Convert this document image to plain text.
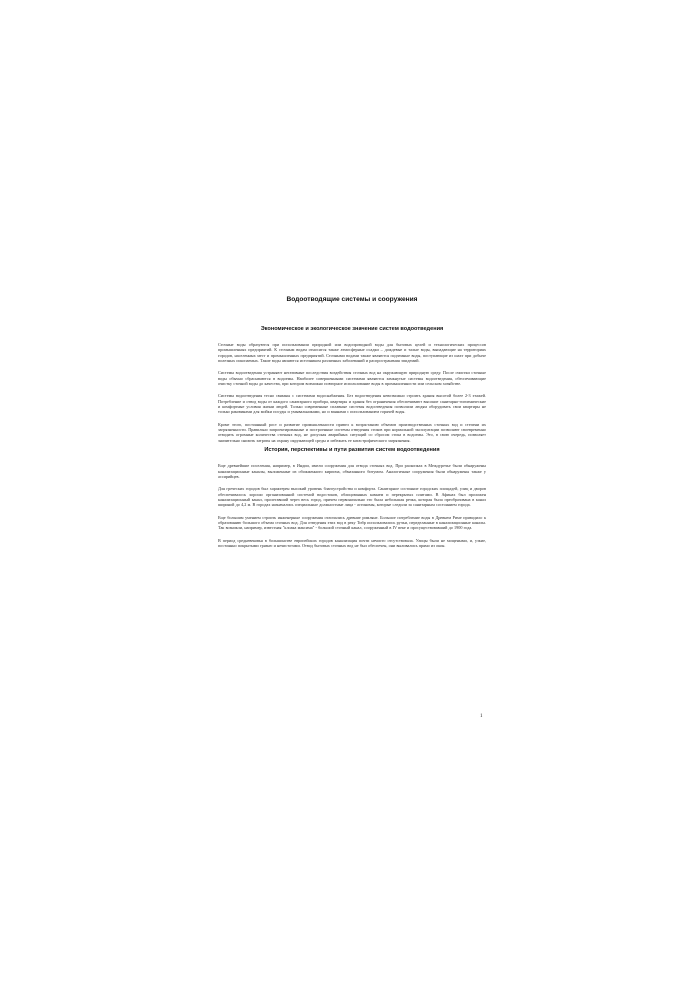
Водоотводящие системы и сооружения
Экономическое и экологическое значение систем водоотведения

Сточные воды образуются при использовании природной или водопроводной воды для бытовых целей и технологических процессов промышленных предприятий. К сточным водам относятся также атмосферные осадки – дождевые и талые воды, выпадающие на территориях городов, населенных мест и промышленных предприятий. Сточными водами также являются подземные воды, поступающие из шахт при добыче полезных ископаемых. Такие воды являются источником различных заболеваний и распространения эпидемий.

Системы водоотведения устраняют негативные последствия воздействия сточных вод на окружающую природную среду. После очистки сточные воды обычно сбрасываются в водоемы. Наиболее совершенными системами являются замкнутые системы водоотведения, обеспечивающие очистку сточной воды до качества, при котором возможно повторное использование воды в промышленности или сельском хозяйстве.

Системы водоотведения тесно связаны с системами водоснабжения. Без водоотведения невозможно строить здания высотой более 2-3 этажей. Потребление и отвод воды от каждого санитарного прибора, квартиры и здания без ограничения обеспечивают высокие санитарно-гигиенические и комфортные условия жизни людей. Только современные сплавные системы водоотведения позволили людям оборудовать свои квартиры не только раковинами для мойки посуды и умывальниками, но и ваннами с использованием горячей воды.

Кроме этого, постоянный рост и развитие промышленности привел к возрастанию объемов производственных сточных вод и степени их загрязненности. Правильно запроектированные и построенные системы отведения стоков при нормальной эксплуатации позволяют своевременно отводить огромные количества сточных вод, не допуская аварийных ситуаций со сбросом стока в водоемы. Это, в свою очередь, позволяет значительно снизить затраты на охрану окружающей среды и избежать ее катастрофического загрязнения.

История, перспективы и пути развития систем водоотведения

Еще древнейшие поселения, например, в Индии, имели сооружения для отвода сточных вод. При раскопках в Междуречье были обнаружены канализационные каналы, выложенные из обожженного кирпича, обмазанного битумом. Аналогичные сооружения были обнаружены также у ассирийцев.

Для греческих городов был характерен высокий уровень благоустройства и комфорта. Санитарное состояние городских площадей, улиц и дворов обеспечивалось хорошо организованной системой водостоков, облицованных камнем и перекрытых плитами. В Афинах был проложен канализационный канал, пролегавший через весь город, причем первоначально это была небольшая речка, которая была преобразована в канал шириной до 4,2 м. В городах назначались специальные должностные лица - астиномы, которые следили за санитарным состоянием города.

Еще большим умением строить инженерные сооружения отличались древние римляне. Большое потребление воды в Древнем Риме приводило к образованию большого объема сточных вод. Для отведения этих вод в реку Тибр использовались ручьи, переделанные в канализационные каналы. Так возникли, например, известная "клоака максима" - большой сточный канал, сооруженный в IV веке и просуществовавший до 1900 года.

В период средневековья в большинстве европейских городов канализация почти нечисто отсутствовала. Улицы были не мощеными, и, узкие, постоянно покрытыми грязью и нечистотами. Отвод бытовых сточных вод не был обеспечен, они выливались прямо из окон.

1
